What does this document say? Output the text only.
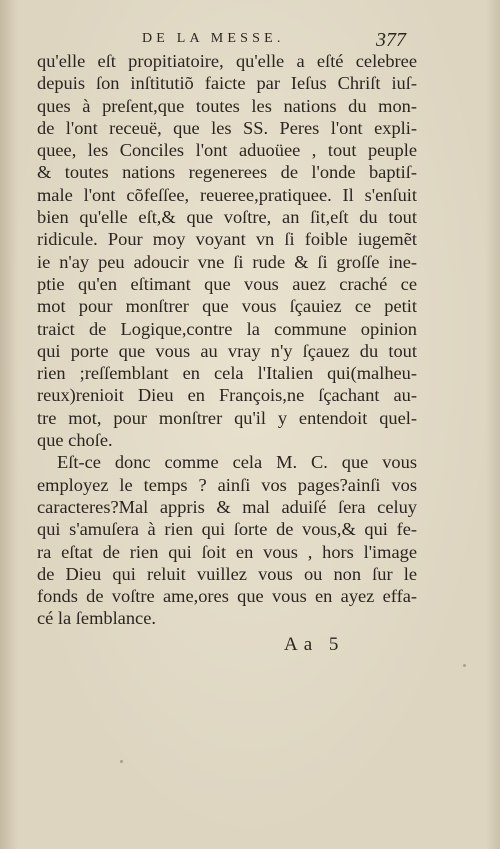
DE LA MESSE.	377
qu'elle eſt propitiatoire, qu'elle a eſté celebree
depuis ſon inſtitutiõ faicte par Ieſus Chriſt iuſ-
ques à preſent,que toutes les nations du mon-
de l'ont receuë, que les SS. Peres l'ont expli-
quee, les Conciles l'ont aduoüee , tout peuple
& toutes nations regenerees de l'onde baptiſ-
male l'ont cõfeſſee, reueree,pratiquee. Il s'enſuit
bien qu'elle eſt,& que voſtre, an ſit,eſt du tout
ridicule. Pour moy voyant vn ſi foible iugemẽt
ie n'ay peu adoucir vne ſi rude & ſi groſſe ine-
ptie qu'en eſtimant que vous auez craché ce
mot pour monſtrer que vous ſçauiez ce petit
traict de Logique,contre la commune opinion
qui porte que vous au vray n'y ſçauez du tout
rien ;reſſemblant en cela l'Italien qui(malheu-
reux)renioit Dieu en François,ne ſçachant au-
tre mot, pour monſtrer qu'il y entendoit quel-
que choſe.
Eſt-ce donc comme cela M. C. que vous
employez le temps ? ainſi vos pages?ainſi vos
caracteres?Mal appris & mal aduiſé ſera celuy
qui s'amuſera à rien qui ſorte de vous,& qui fe-
ra eſtat de rien qui ſoit en vous , hors l'image
de Dieu qui reluit vuillez vous ou non ſur le
fonds de voſtre ame,ores que vous en ayez effa-
cé la ſemblance.
Aa 5
